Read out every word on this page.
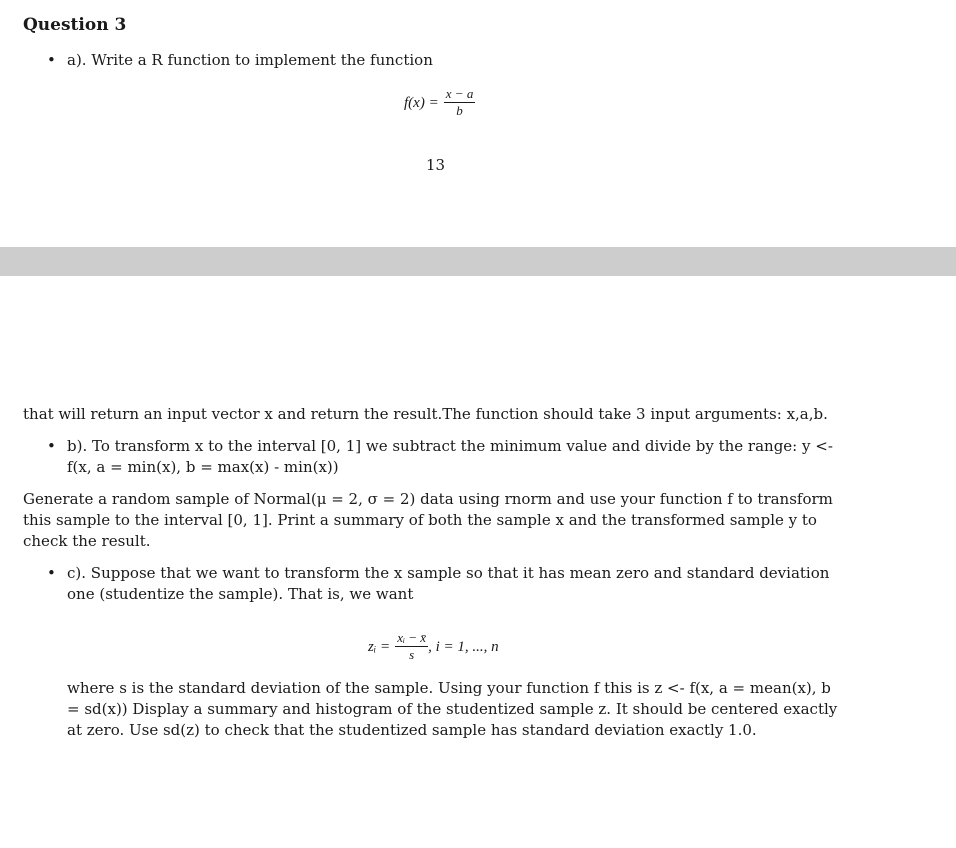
Question 3
• a). Write a R function to implement the function
$f(x) = \frac{x - a}{b}$
13
that will return an input vector x and return the result.The function should take 3 input arguments: x,a,b.
• b). To transform x to the interval [0, 1] we subtract the minimum value and divide by the range: y <-
f(x, a = min(x), b = max(x) - min(x))
Generate a random sample of Normal(μ = 2, σ = 2) data using rnorm and use your function f to transform
this sample to the interval [0, 1]. Print a summary of both the sample x and the transformed sample y to
check the result.
• c). Suppose that we want to transform the x sample so that it has mean zero and standard deviation
one (studentize the sample). That is, we want
zᵢ = $\frac{\text{xᵢ − x̄}}{s}$ , i = 1, ..., n
where s is the standard deviation of the sample. Using your function f this is z <- f(x, a = mean(x), b
= sd(x)) Display a summary and histogram of the studentized sample z. It should be centered exactly
at zero. Use sd(z) to check that the studentized sample has standard deviation exactly 1.0.
